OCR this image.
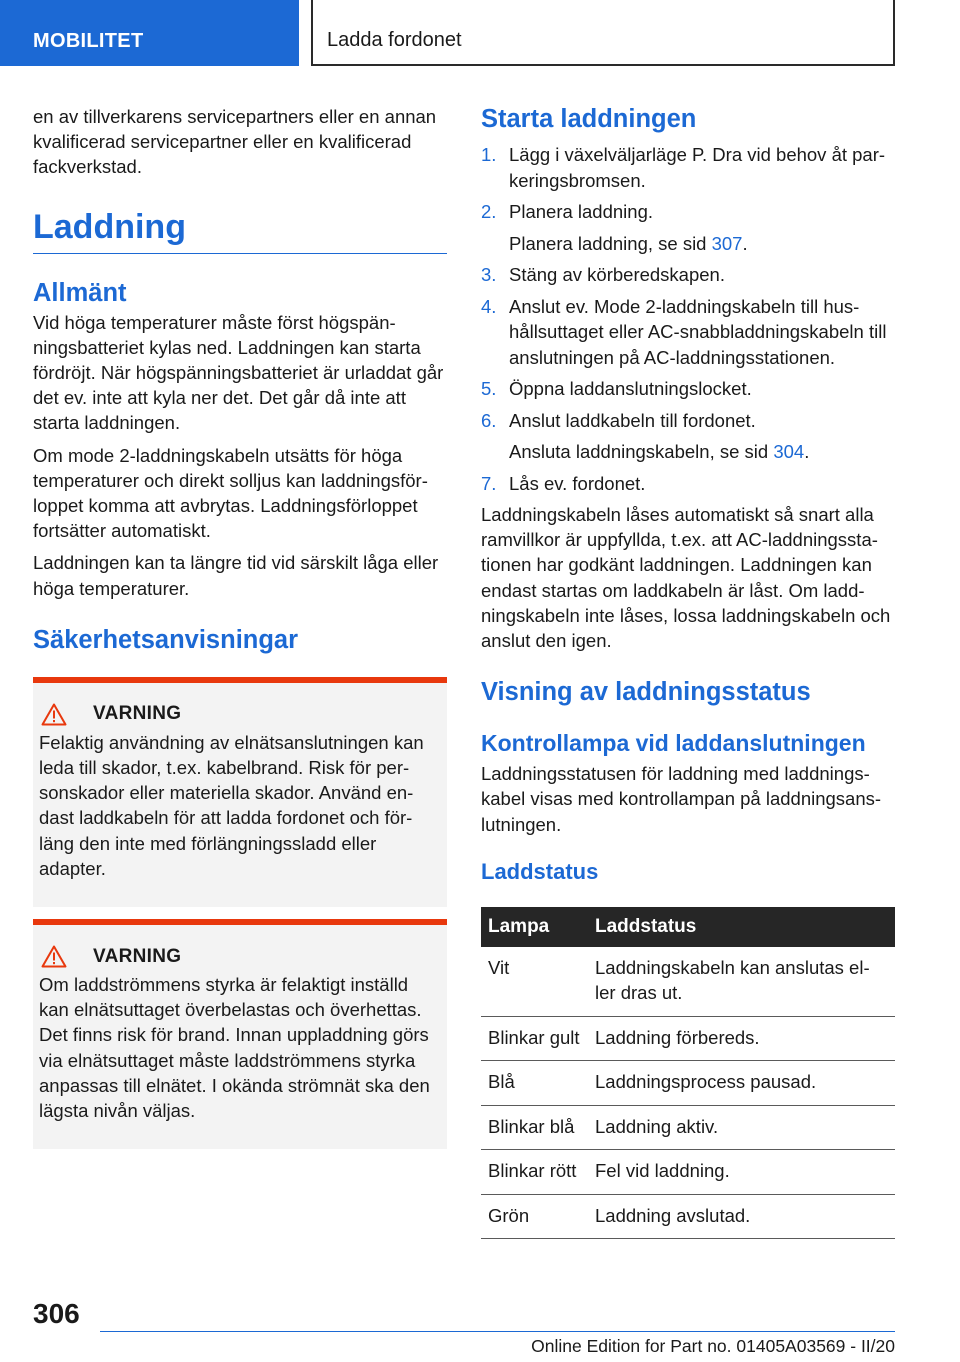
MOBILITET	Ladda fordonet

en av tillverkarens servicepartners eller en annan kvalificerad servicepartner eller en kvalificerad fackverkstad.

Laddning
Allmänt

Vid höga temperaturer måste först högspän-ningsbatteriet kylas ned. Laddningen kan starta fördröjt. När högspänningsbatteriet är urladdat går det ev. inte att kyla ner det. Det går då inte att starta laddningen.

Om mode 2-laddningskabeln utsätts för höga temperaturer och direkt solljus kan laddningsför-loppet komma att avbrytas. Laddningsförloppet fortsätter automatiskt.

Laddningen kan ta längre tid vid särskilt låga eller höga temperaturer.

Säkerhetsanvisningar
VARNING
Felaktig användning av elnätsanslutningen kan leda till skador, t.ex. kabelbrand. Risk för per-sonskador eller materiella skador. Använd en-dast laddkabeln för att ladda fordonet och för-läng den inte med förlängningssladd eller adapter.
VARNING
Om laddströmmens styrka är felaktigt inställd kan elnätsuttaget överbelastas och överhettas. Det finns risk för brand. Innan uppladdning görs via elnätsuttaget måste laddströmmens styrka anpassas till elnätet. I okända strömnät ska den lägsta nivån väljas.
Starta laddningen
1. Lägg i växelväljarläge P. Dra vid behov åt par-keringsbromsen.
2. Planera laddning.
Planera laddning, se sid 307.
3. Stäng av körberedskapen.
4. Anslut ev. Mode 2-laddningskabeln till hus-hållsuttaget eller AC-snabbladdningskabeln till anslutningen på AC-laddningsstationen.
5. Öppna laddanslutningslocket.
6. Anslut laddkabeln till fordonet.
Ansluta laddningskabeln, se sid 304.
7. Lås ev. fordonet.

Laddningskabeln låses automatiskt så snart alla ramvillkor är uppfyllda, t.ex. att AC-laddningssta-tionen har godkänt laddningen. Laddningen kan endast startas om laddkabeln är låst. Om ladd-ningskabeln inte låses, lossa laddningskabeln och anslut den igen.

Visning av laddningsstatus
Kontrollampa vid laddanslutningen

Laddningsstatusen för laddning med laddnings-kabel visas med kontrollampan på laddningsans-lutningen.

Laddstatus
Lampa	Laddstatus
Vit	Laddningskabeln kan anslutas el-ler dras ut.
Blinkar gult	Laddning förbereds.
Blå	Laddningsprocess pausad.
Blinkar blå	Laddning aktiv.
Blinkar rött	Fel vid laddning.
Grön	Laddning avslutad.
306
Online Edition for Part no. 01405A03569 - II/20
